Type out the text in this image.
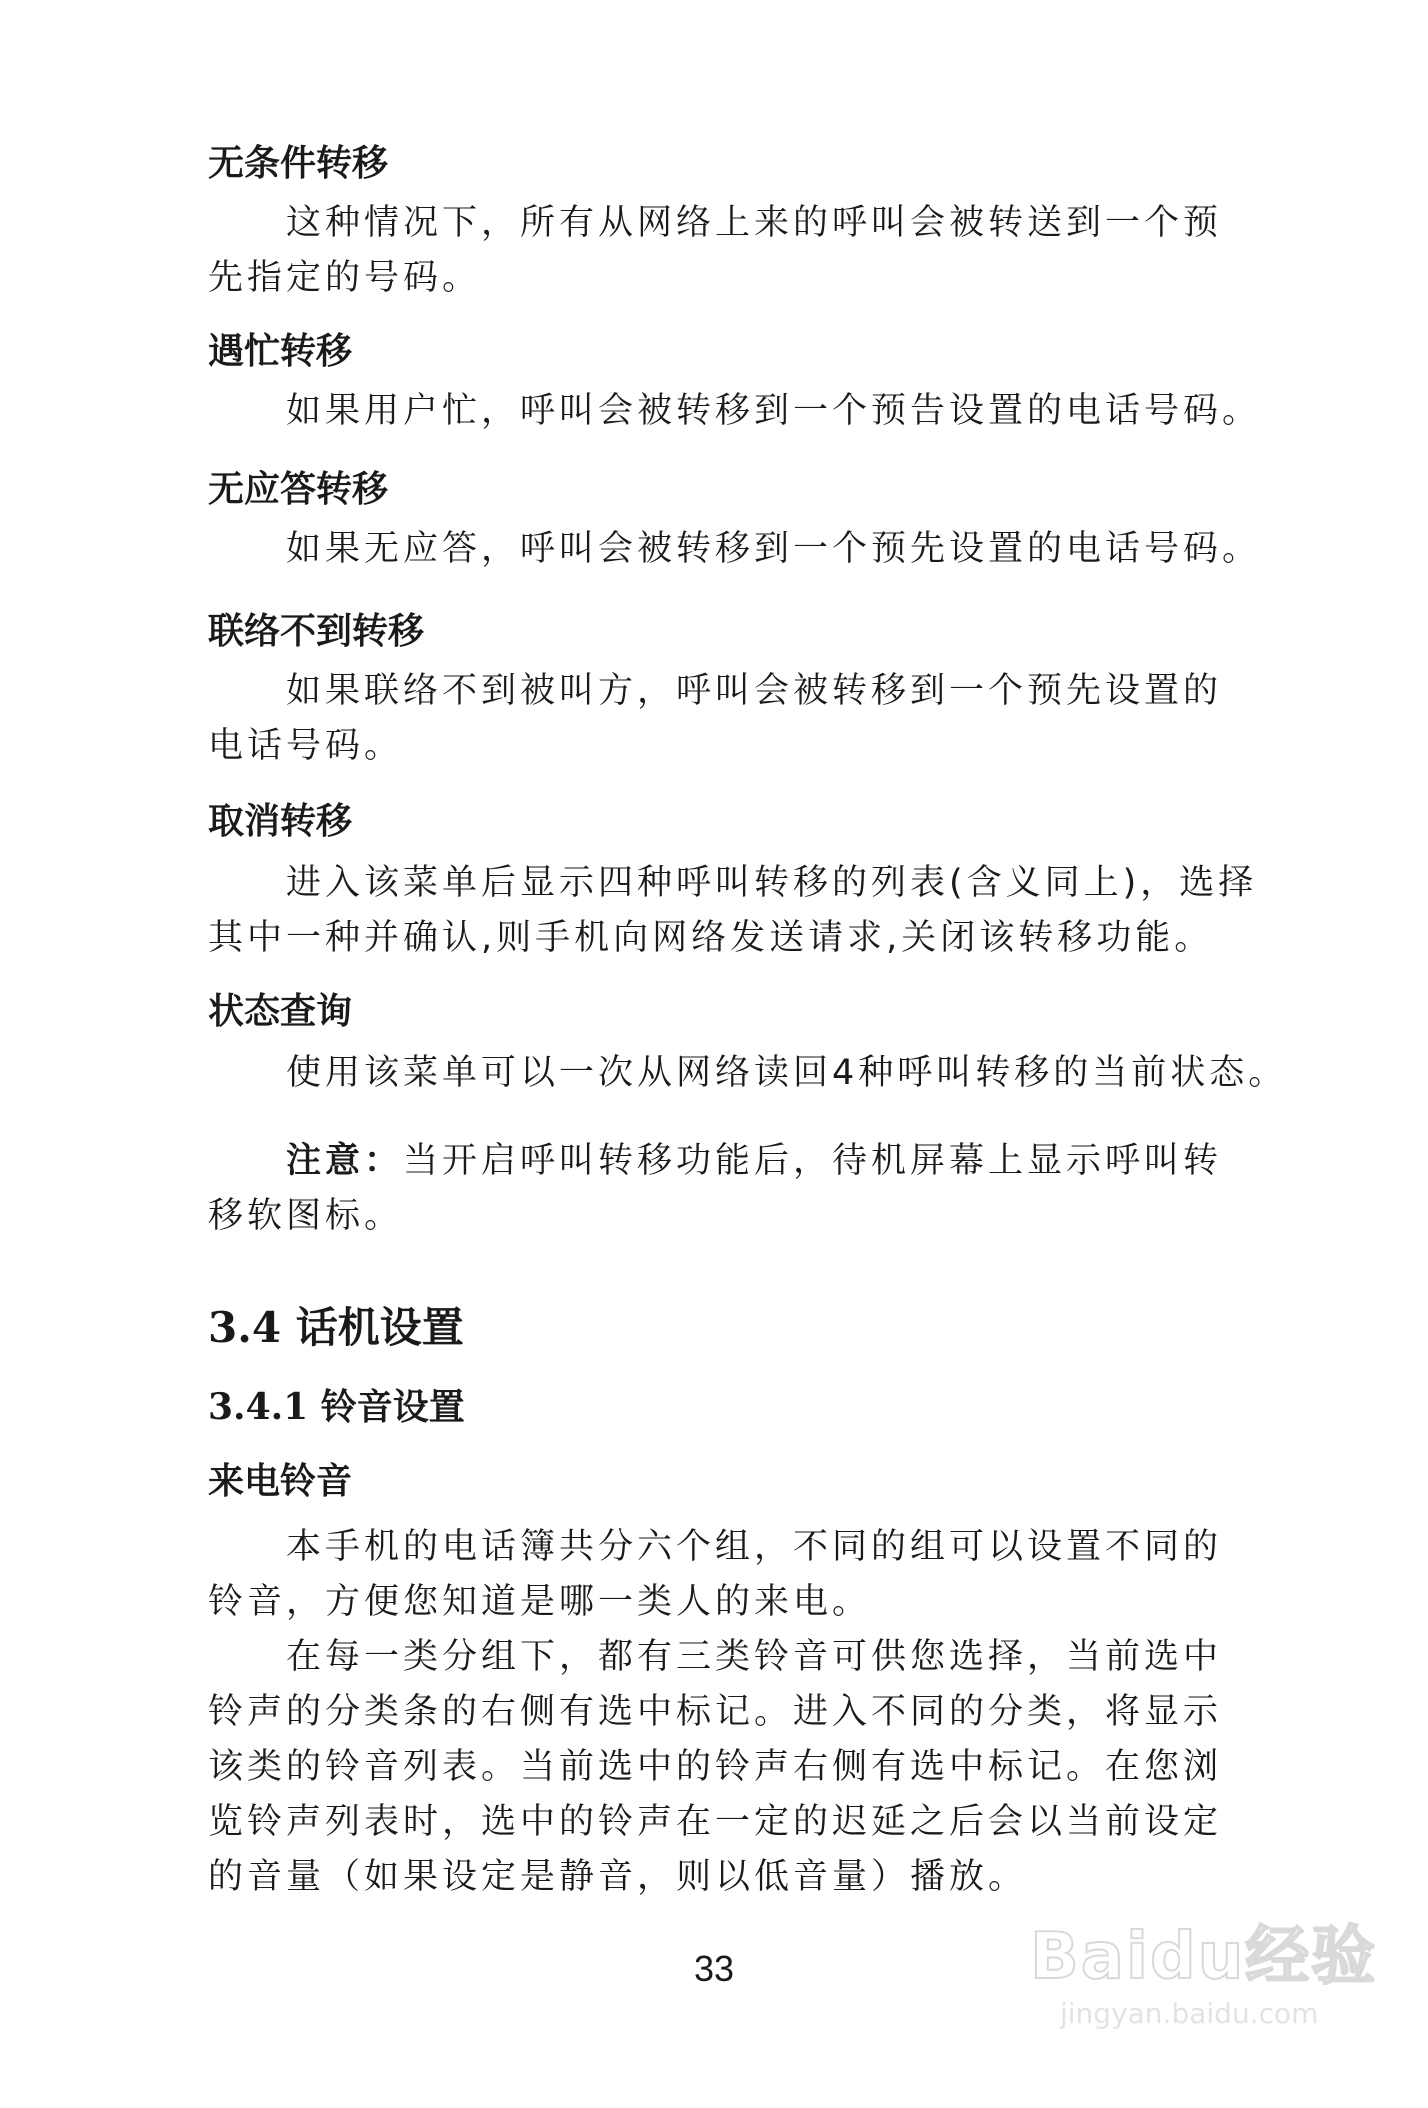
无条件转移
这种情况下，所有从网络上来的呼叫会被转送到一个预先指定的号码。
遇忙转移
如果用户忙，呼叫会被转移到一个预告设置的电话号码。
无应答转移
如果无应答，呼叫会被转移到一个预先设置的电话号码。
联络不到转移
如果联络不到被叫方，呼叫会被转移到一个预先设置的电话号码。
取消转移
进入该菜单后显示四种呼叫转移的列表(含义同上)，选择其中一种并确认,则手机向网络发送请求,关闭该转移功能。
状态查询
使用该菜单可以一次从网络读回4种呼叫转移的当前状态。
注意：当开启呼叫转移功能后，待机屏幕上显示呼叫转移软图标。
3.4 话机设置
3.4.1 铃音设置
来电铃音
本手机的电话簿共分六个组，不同的组可以设置不同的铃音，方便您知道是哪一类人的来电。
在每一类分组下，都有三类铃音可供您选择，当前选中铃声的分类条的右侧有选中标记。进入不同的分类，将显示该类的铃音列表。当前选中的铃声右侧有选中标记。在您浏览铃声列表时，选中的铃声在一定的迟延之后会以当前设定的音量（如果设定是静音，则以低音量）播放。
33	Baidu经验
jingyan.baidu.com
